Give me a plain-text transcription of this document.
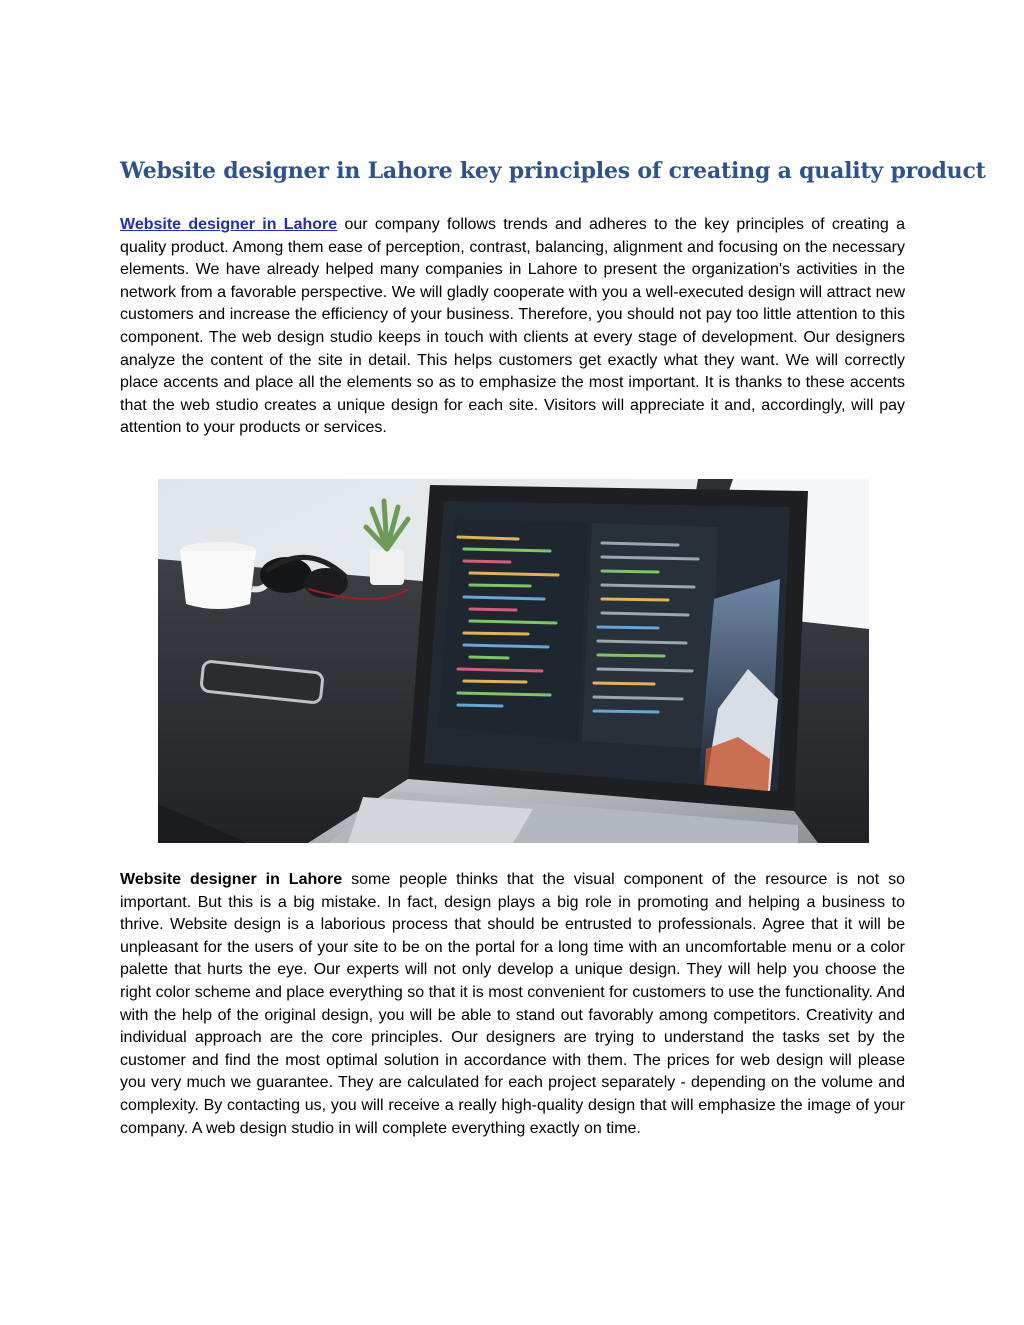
Website designer in Lahore key principles of creating a quality product

Website designer in Lahore our company follows trends and adheres to the key principles of creating a quality product. Among them ease of perception, contrast, balancing, alignment and focusing on the necessary elements. We have already helped many companies in Lahore to present the organization's activities in the network from a favorable perspective. We will gladly cooperate with you a well-executed design will attract new customers and increase the efficiency of your business. Therefore, you should not pay too little attention to this component. The web design studio keeps in touch with clients at every stage of development. Our designers analyze the content of the site in detail. This helps customers get exactly what they want. We will correctly place accents and place all the elements so as to emphasize the most important. It is thanks to these accents that the web studio creates a unique design for each site. Visitors will appreciate it and, accordingly, will pay attention to your products or services.

Website designer in Lahore some people thinks that the visual component of the resource is not so important. But this is a big mistake. In fact, design plays a big role in promoting and helping a business to thrive. Website design is a laborious process that should be entrusted to professionals. Agree that it will be unpleasant for the users of your site to be on the portal for a long time with an uncomfortable menu or a color palette that hurts the eye. Our experts will not only develop a unique design. They will help you choose the right color scheme and place everything so that it is most convenient for customers to use the functionality. And with the help of the original design, you will be able to stand out favorably among competitors. Creativity and individual approach are the core principles. Our designers are trying to understand the tasks set by the customer and find the most optimal solution in accordance with them. The prices for web design will please you very much we guarantee. They are calculated for each project separately - depending on the volume and complexity. By contacting us, you will receive a really high-quality design that will emphasize the image of your company. A web design studio in will complete everything exactly on time.
